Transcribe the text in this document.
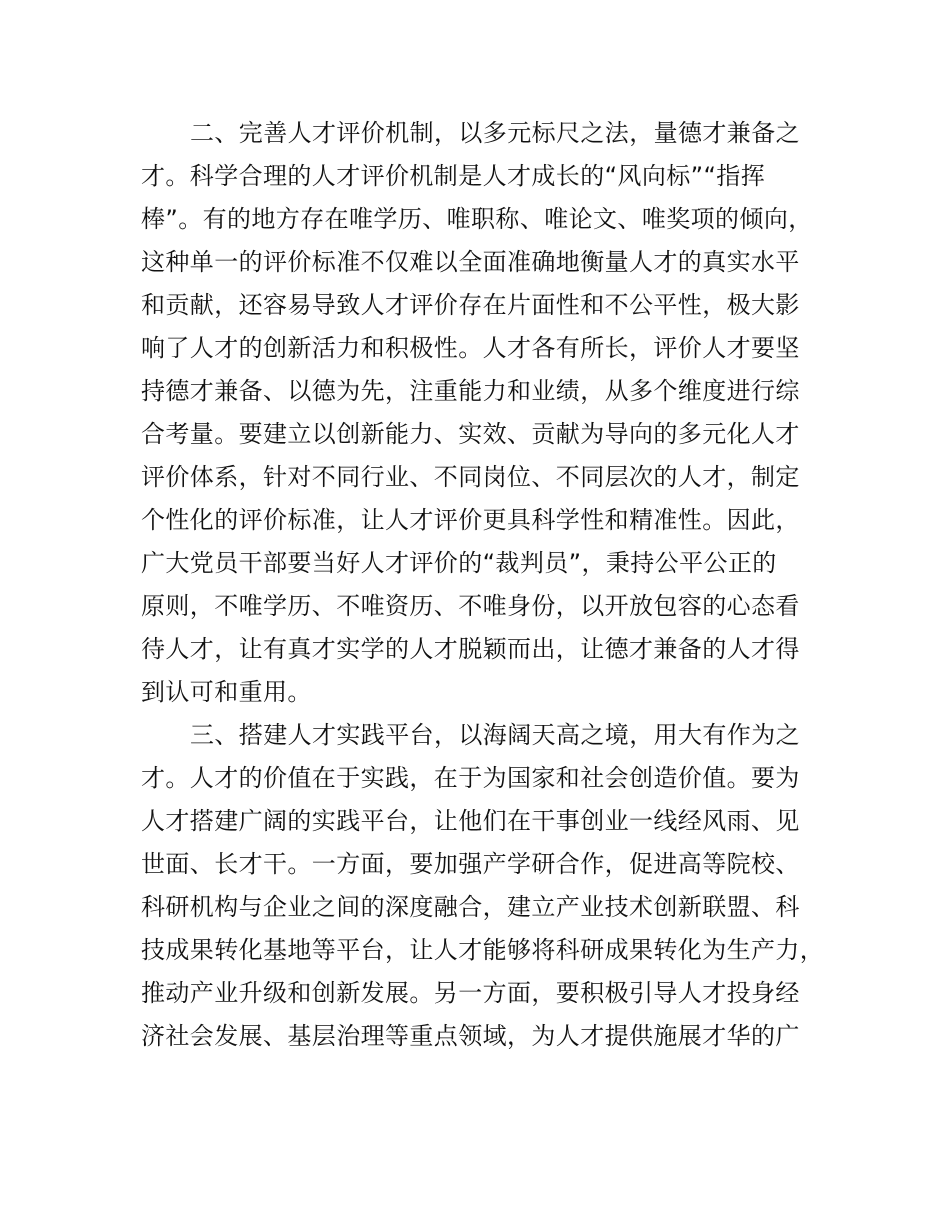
二、完善人才评价机制，以多元标尺之法，量德才兼备之
才。科学合理的人才评价机制是人才成长的“风向标”“指挥
棒”。有的地方存在唯学历、唯职称、唯论文、唯奖项的倾向，
这种单一的评价标准不仅难以全面准确地衡量人才的真实水平
和贡献，还容易导致人才评价存在片面性和不公平性，极大影
响了人才的创新活力和积极性。人才各有所长，评价人才要坚
持德才兼备、以德为先，注重能力和业绩，从多个维度进行综
合考量。要建立以创新能力、实效、贡献为导向的多元化人才
评价体系，针对不同行业、不同岗位、不同层次的人才，制定
个性化的评价标准，让人才评价更具科学性和精准性。因此，
广大党员干部要当好人才评价的“裁判员”，秉持公平公正的
原则，不唯学历、不唯资历、不唯身份，以开放包容的心态看
待人才，让有真才实学的人才脱颖而出，让德才兼备的人才得
到认可和重用。
三、搭建人才实践平台，以海阔天高之境，用大有作为之
才。人才的价值在于实践，在于为国家和社会创造价值。要为
人才搭建广阔的实践平台，让他们在干事创业一线经风雨、见
世面、长才干。一方面，要加强产学研合作，促进高等院校、
科研机构与企业之间的深度融合，建立产业技术创新联盟、科
技成果转化基地等平台，让人才能够将科研成果转化为生产力，
推动产业升级和创新发展。另一方面，要积极引导人才投身经
济社会发展、基层治理等重点领域，为人才提供施展才华的广
